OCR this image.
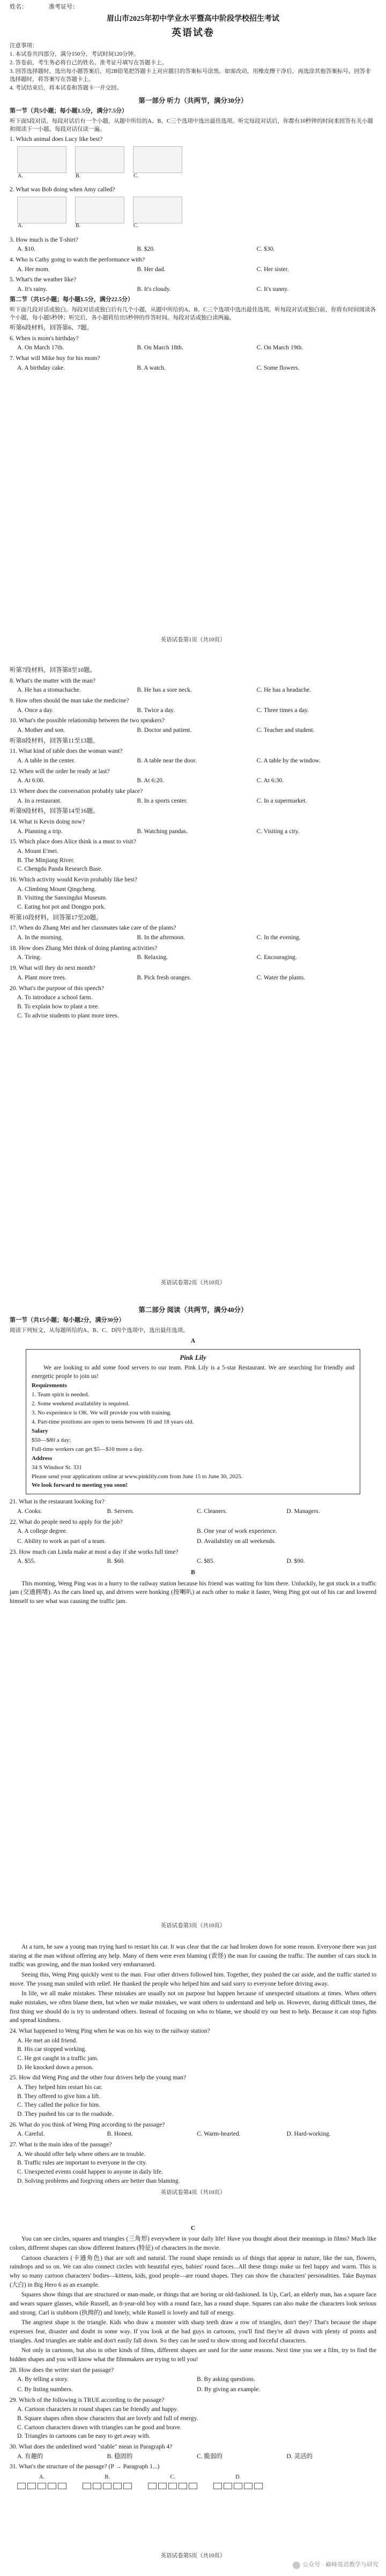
姓名：	准考证号：
眉山市2025年初中学业水平暨高中阶段学校招生考试
英语试卷

注意事项：

1. 本试卷共四部分，满分150分，考试时间120分钟。

2. 答卷前，考生务必将自己的姓名、准考证号填写在答题卡上。

3. 回答选择题时，选出每小题答案后，用2B铅笔把答题卡上对应题目的答案标号涂黑。如需改动，用橡皮擦干净后，再选涂其他答案标号。回答非选择题时，将答案写在答题卡上。

4. 考试结束后，将本试卷和答题卡一并交回。

第一部分 听力（共两节，满分30分）
第一节（共5小题；每小题1.5分，满分7.5分）
听下面5段对话。每段对话后有一个小题，从题中所给的A、B、C三个选项中选出最佳选项。听完每段对话后，你都有10秒钟的时间来回答有关小题和阅读下一小题。每段对话仅读一遍。
1. Which animal does Lucy like best?
A.	B.	C.
2. What was Bob doing when Amy called?
A.	B.	C.
3. How much is the T-shirt?
A. $10.	B. $20.	C. $30.
4. Who is Cathy going to watch the performance with?
A. Her mom.	B. Her dad.	C. Her sister.
5. What's the weather like?
A. It's rainy.	B. It's cloudy.	C. It's sunny.
第二节（共15小题；每小题1.5分，满分22.5分）
听下面几段对话或独白。每段对话或独白后有几个小题，从题中所给的A、B、C三个选项中选出最佳选项。听每段对话或独白前，你将有时间阅读各个小题，每小题5秒钟；听完后，各小题将给出5秒钟的作答时间。每段对话或独白读两遍。
听第6段材料，回答第6、7题。
6. When is mom's birthday?
A. On March 17th.	B. On March 18th.	C. On March 19th.
7. What will Mike buy for his mom?
A. A birthday cake.	B. A watch.	C. Some flowers.
英语试卷第1页（共10页）
听第7段材料，回答第8至10题。
8. What's the matter with the man?
A. He has a stomachache.	B. He has a sore neck.	C. He has a headache.
9. How often should the man take the medicine?
A. Once a day.	B. Twice a day.	C. Three times a day.
10. What's the possible relationship between the two speakers?
A. Mother and son.	B. Doctor and patient.	C. Teacher and student.
听第8段材料，回答第11至13题。
11. What kind of table does the woman want?
A. A table in the center.	B. A table near the door.	C. A table by the window.
12. When will the order be ready at last?
A. At 6:00.	B. At 6:20.	C. At 6:30.
13. Where does the conversation probably take place?
A. In a restaurant.	B. In a sports center.	C. In a supermarket.
听第9段材料，回答第14至16题。
14. What is Kevin doing now?
A. Planning a trip.	B. Watching pandas.	C. Visiting a city.
15. Which place does Alice think is a must to visit?
A. Mount E'mei.
B. The Minjiang River.
C. Chengdu Panda Research Base.
16. Which activity would Kevin probably like best?
A. Climbing Mount Qingcheng.
B. Visiting the Sanxingdui Museum.
C. Eating hot pot and Dongpo pork.
听第10段材料，回答第17至20题。
17. When do Zhang Mei and her classmates take care of the plants?
A. In the morning.	B. In the afternoon.	C. In the evening.
18. How does Zhang Mei think of doing planting activities?
A. Tiring.	B. Relaxing.	C. Encouraging.
19. What will they do next month?
A. Plant more trees.	B. Pick fresh oranges.	C. Water the plants.
20. What's the purpose of this speech?
A. To introduce a school farm.
B. To explain how to plant a tree.
C. To advise students to plant more trees.
英语试卷第2页（共10页）
第二部分 阅读（共两节，满分40分）
第一节（共15小题；每小题2分，满分30分）
阅读下列短文，从每题所给的A、B、C、D四个选项中，选出最佳选项。
A
Pink Lily

We are looking to add some food servers to our team. Pink Lily is a 5-star Restaurant. We are searching for friendly and energetic people to join us!

Requirements

1. Team spirit is needed.

2. Some weekend availability is required.

3. No experience is OK. We will provide you with training.

4. Part-time positions are open to teens between 16 and 18 years old.

Salary

$50—$80 a day;

Full-time workers can get $5—$10 more a day.

Address

34 S Windsor St. 331

Please send your applications online at www.pinklily.com from June 15 to June 30, 2025.

We look forward to meeting you soon!

21. What is the restaurant looking for?
A. Cooks.	B. Servers.	C. Cleaners.	D. Managers.
22. What do people need to apply for the job?
A. A college degree.	B. One year of work experience.
C. Ability to work as part of a team.	D. Availability on all weekends.
23. How much can Linda make at most a day if she works full time?
A. $55.	B. $60.	C. $85.	D. $90.
B

This morning, Weng Ping was in a hurry to the railway station because his friend was waiting for him there. Unluckily, he got stuck in a traffic jam (交通拥堵). As the cars lined up, and drivers were honking (按喇叭) at each other to make it faster, Weng Ping got out of his car and lowered himself to see what was causing the traffic jam.

英语试卷第3页（共10页）

At a turn, he saw a young man trying hard to restart his car. It was clear that the car had broken down for some reason. Everyone there was just staring at the man without offering any help. Many of them were even blaming (责怪) the man for causing the traffic. The number of cars stuck in traffic was growing, and the man looked very embarrassed.

Seeing this, Weng Ping quickly went to the man. Four other drivers followed him. Together, they pushed the car aside, and the traffic started to move. The young man smiled with relief. He thanked the people who helped him and said sorry to everyone before driving away.

In life, we all make mistakes. These mistakes are usually not on purpose but happen because of unexpected situations at times. When others make mistakes, we often blame them, but when we make mistakes, we want others to understand and help us. However, during difficult times, the first thing we should do is try to understand others. Instead of focusing on who to blame, we should try our best to help. Because it can stop fights and spread kindness.

24. What happened to Weng Ping when he was on his way to the railway station?
A. He met an old friend.
B. His car stopped working.
C. He got caught in a traffic jam.
D. He knocked down a person.
25. How did Weng Ping and the other four drivers help the young man?
A. They helped him restart his car.
B. They offered to give him a lift.
C. They called the police for him.
D. They pushed his car to the roadside.
26. What do you think of Weng Ping according to the passage?
A. Careful.	B. Honest.	C. Warm-hearted.	D. Hard-working.
27. What is the main idea of the passage?
A. We should offer help where others are in trouble.
B. Traffic rules are important to everyone in the city.
C. Unexpected events could happen to anyone in daily life.
D. Solving problems and forgiving others are better than blaming.
英语试卷第4页（共10页）
C

You can see circles, squares and triangles (三角形) everywhere in your daily life! Have you thought about their meanings in films? Much like colors, different shapes can show different features (特征) of characters in the movie.

Cartoon characters (卡通角色) that are soft and natural. The round shape reminds us of things that appear in nature, like the sun, flowers, raindrops and so on. We can also connect circles with beautiful eyes, babies' round faces...All these things make us feel happy and warm. This is why so many cartoon characters' bodies—kittens, kids, good people—are round shapes. They can show the characters' personalities. Take Baymax (大白) in Big Hero 6 as an example.

Squares show things that are structured or man-made, or things that are boring or old-fashioned. In Up, Carl, an elderly man, has a square face and wears square glasses, while Russell, an 8-year-old boy with a round face, has a round shape. Squares can also make the characters look serious and strong. Carl is stubborn (执拗的) and lonely, while Russell is lovely and full of energy.

The angriest shape is the triangle. Kids who draw a monster with sharp teeth draw a row of triangles, don't they? That's because the shape expresses fear, disaster and doubt in some way. If you look at the bad guys in cartoons, you'll find they're all drawn with plenty of points and triangles. And triangles are stable and don't easily fall down. So they can be used to show strong and forceful characters.

Not only in cartoons, but also in other kinds of films, different shapes are used for the same reasons. Next time you see a film, try to find the hidden shapes and you will know what the filmmakers are trying to tell you!

28. How does the writer start the passage?
A. By telling a story.	B. By asking questions.
C. By listing numbers.	D. By giving an example.
29. Which of the following is TRUE according to the passage?
A. Cartoon characters in round shapes can be friendly and happy.
B. Square shapes often show characters that are lovely and full of energy.
C. Cartoon characters drawn with triangles can be good and brave.
D. Triangles in cartoons can be easy to get away with.
30. What does the underlined word "stable" mean in Paragraph 4?
A. 有趣的	B. 稳固的	C. 脆弱的	D. 灵活的
31. What's the structure of the passage? (P → Paragraph 1...)
A.	B.	C.	D.
英语试卷第5页（共10页）
公众号 · 巅峰英语教学与研究
